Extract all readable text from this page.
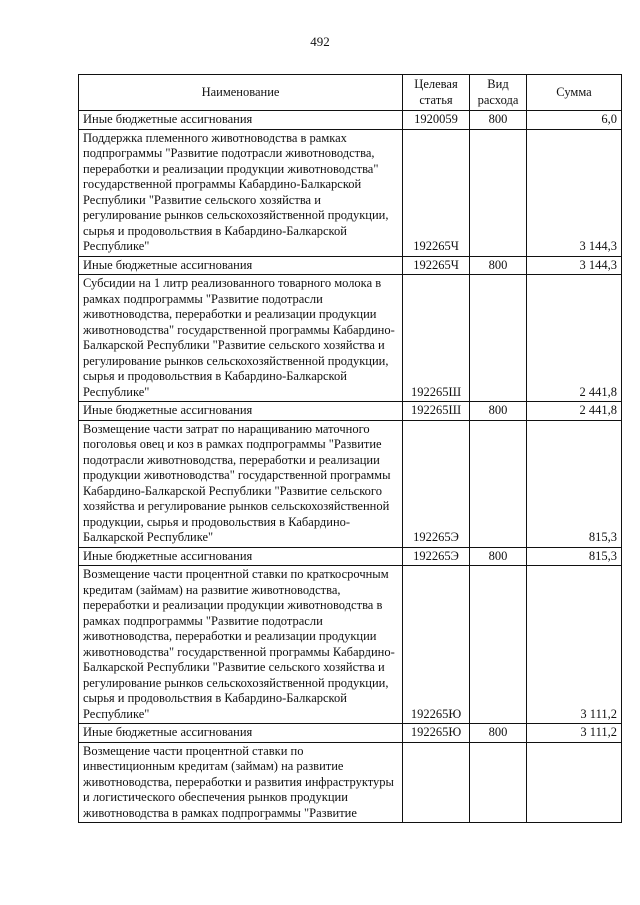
492
Наименование	Целевая статья	Вид расхода	Сумма
Иные бюджетные ассигнования	1920059	800	6,0
Поддержка племенного животноводства в рамках подпрограммы "Развитие подотрасли животноводства, переработки и реализации продукции животноводства" государственной программы Кабардино-Балкарской Республики "Развитие сельского хозяйства и регулирование рынков сельскохозяйственной продукции, сырья и продовольствия в Кабардино-Балкарской Республике"	192265Ч		3 144,3
Иные бюджетные ассигнования	192265Ч	800	3 144,3
Субсидии на 1 литр реализованного товарного молока в рамках подпрограммы "Развитие подотрасли животноводства, переработки и реализации продукции животноводства" государственной программы Кабардино-Балкарской Республики "Развитие сельского хозяйства и регулирование рынков сельскохозяйственной продукции, сырья и продовольствия в Кабардино-Балкарской Республике"	192265Ш		2 441,8
Иные бюджетные ассигнования	192265Ш	800	2 441,8
Возмещение части затрат по наращиванию маточного поголовья овец и коз в рамках подпрограммы "Развитие подотрасли животноводства, переработки и реализации продукции животноводства" государственной программы Кабардино-Балкарской Республики "Развитие сельского хозяйства и регулирование рынков сельскохозяйственной продукции, сырья и продовольствия в Кабардино-Балкарской Республике"	192265Э		815,3
Иные бюджетные ассигнования	192265Э	800	815,3
Возмещение части процентной ставки по краткосрочным кредитам (займам) на развитие животноводства, переработки и реализации продукции животноводства в рамках подпрограммы "Развитие подотрасли животноводства, переработки и реализации продукции животноводства" государственной программы Кабардино-Балкарской Республики "Развитие сельского хозяйства и регулирование рынков сельскохозяйственной продукции, сырья и продовольствия в Кабардино-Балкарской Республике"	192265Ю		3 111,2
Иные бюджетные ассигнования	192265Ю	800	3 111,2
Возмещение части процентной ставки по инвестиционным кредитам (займам) на развитие животноводства, переработки и развития инфраструктуры и логистического обеспечения рынков продукции животноводства в рамках подпрограммы "Развитие			
